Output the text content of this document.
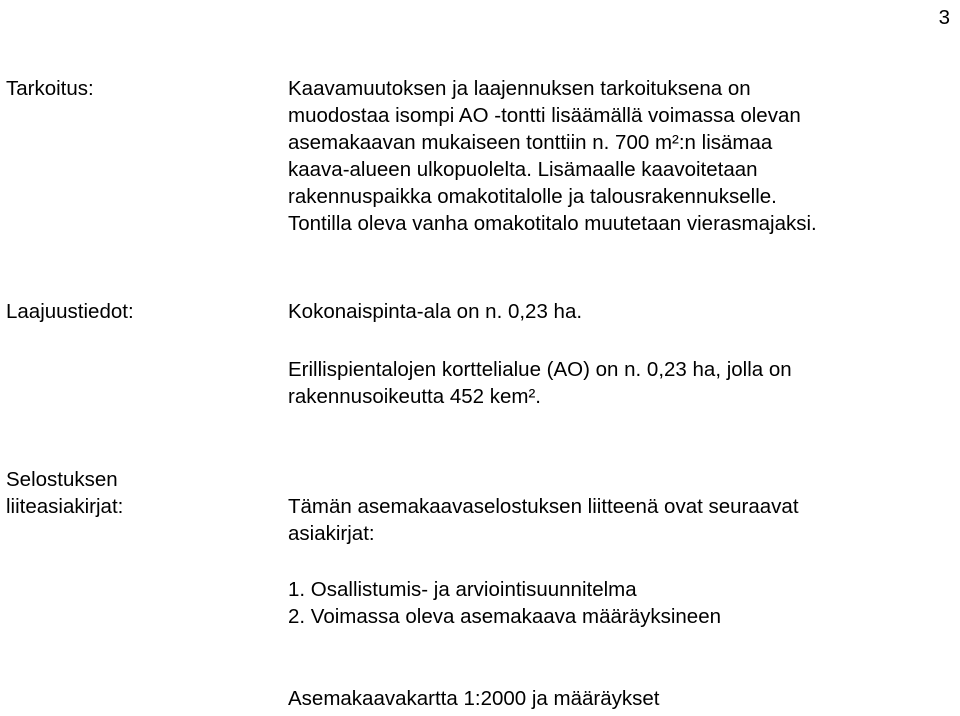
3
Tarkoitus:	Kaavamuutoksen ja laajennuksen tarkoituksena on
muodostaa isompi AO -tontti lisäämällä voimassa olevan
asemakaavan mukaiseen tonttiin n. 700 m²:n lisämaa
kaava-alueen ulkopuolelta. Lisämaalle kaavoitetaan
rakennuspaikka omakotitalolle ja talousrakennukselle.
Tontilla oleva vanha omakotitalo muutetaan vierasmajaksi.
Laajuustiedot:	Kokonaispinta-ala on n. 0,23 ha.
Erillispientalojen korttelialue (AO) on n. 0,23 ha, jolla on
rakennusoikeutta 452 kem².
Selostuksen
liiteasiakirjat:	Tämän asemakaavaselostuksen liitteenä ovat seuraavat
asiakirjat:
1. Osallistumis- ja arviointisuunnitelma
2. Voimassa oleva asemakaava määräyksineen
Asemakaavakartta 1:2000 ja määräykset
